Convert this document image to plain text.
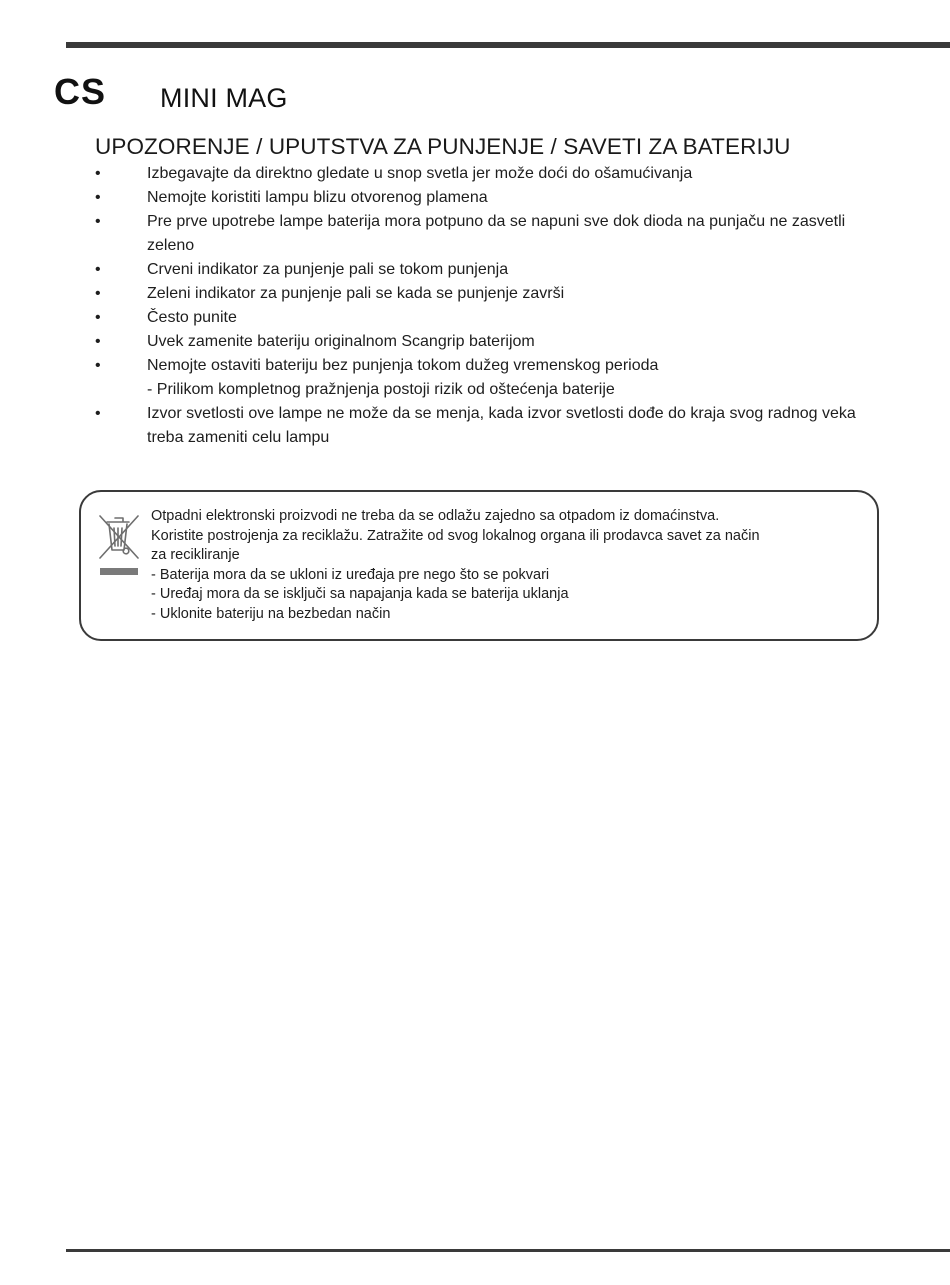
CS MINI MAG
UPOZORENJE / UPUTSTVA ZA PUNJENJE / SAVETI ZA BATERIJU
•	Izbegavajte da direktno gledate u snop svetla jer može doći do ošamućivanja
•	Nemojte koristiti lampu blizu otvorenog plamena
•	Pre prve upotrebe lampe baterija mora potpuno da se napuni sve dok dioda na punjaču ne zasvetli zeleno
•	Crveni indikator za punjenje pali se tokom punjenja
•	Zeleni indikator za punjenje pali se kada se punjenje završi
•	Često punite
•	Uvek zamenite bateriju originalnom Scangrip baterijom
•	Nemojte ostaviti bateriju bez punjenja tokom dužeg vremenskog perioda
- Prilikom kompletnog pražnjenja postoji rizik od oštećenja baterije
•	Izvor svetlosti ove lampe ne može da se menja, kada izvor svetlosti dođe do kraja svog radnog veka treba zameniti celu lampu
Otpadni elektronski proizvodi ne treba da se odlažu zajedno sa otpadom iz domaćinstva.
Koristite postrojenja za reciklažu. Zatražite od svog lokalnog organa ili prodavca savet za način
za recikliranje
- Baterija mora da se ukloni iz uređaja pre nego što se pokvari
- Uređaj mora da se isključi sa napajanja kada se baterija uklanja
- Uklonite bateriju na bezbedan način
